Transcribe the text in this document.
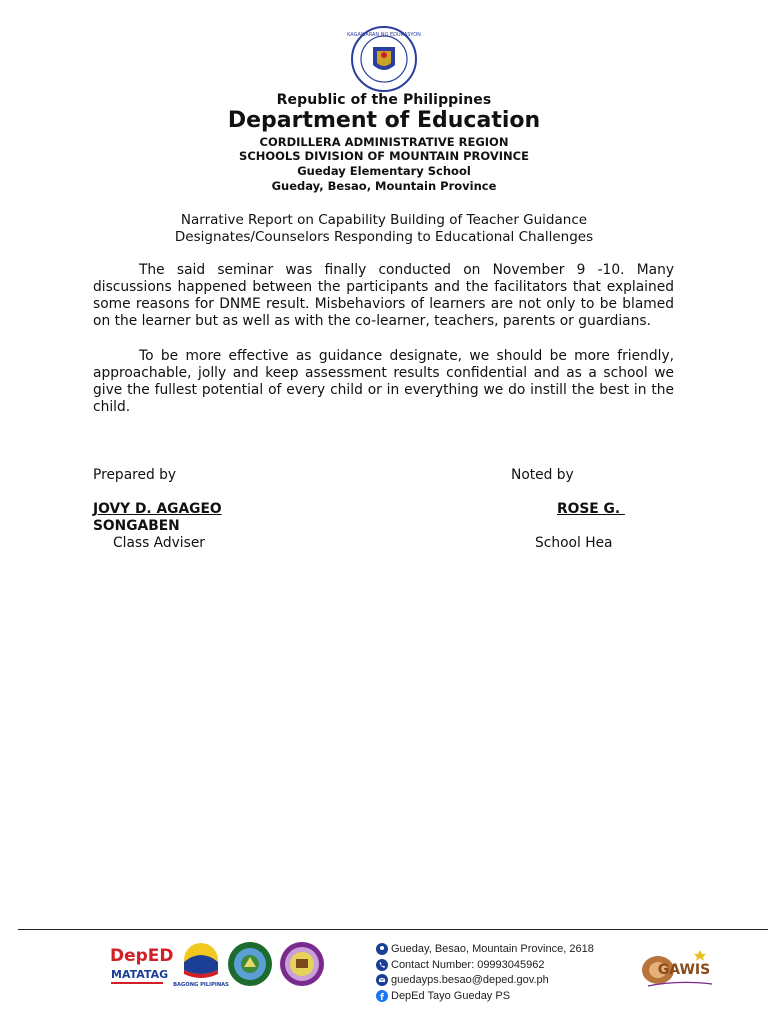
KAGAWARAN NG EDUKASYON
Republic of the Philippines
Department of Education
CORDILLERA ADMINISTRATIVE REGION
SCHOOLS DIVISION OF MOUNTAIN PROVINCE
Gueday Elementary School
Gueday, Besao, Mountain Province
Narrative Report on Capability Building of Teacher Guidance
Designates/Counselors Responding to Educational Challenges

The said seminar was finally conducted on November 9 -10. Many discussions happened between the participants and the facilitators that explained some reasons for DNME result. Misbehaviors of learners are not only to be blamed on the learner but as well as with the co-learner, teachers, parents or guardians.

To be more effective as guidance designate, we should be more friendly, approachable, jolly and keep assessment results confidential and as a school we give the fullest potential of every child or in everything we do instill the best in the child.

Prepared by	Noted by
JOVY D. AGAGEO
SONGABEN
ROSE G.
Class Adviser	School Hea
DepED
MATATAG
BAGONG PILIPINAS
Gueday, Besao, Mountain Province, 2618
Contact Number: 09993045962
guedayps.besao@deped.gov.ph
f DepEd Tayo Gueday PS
GAWIS
